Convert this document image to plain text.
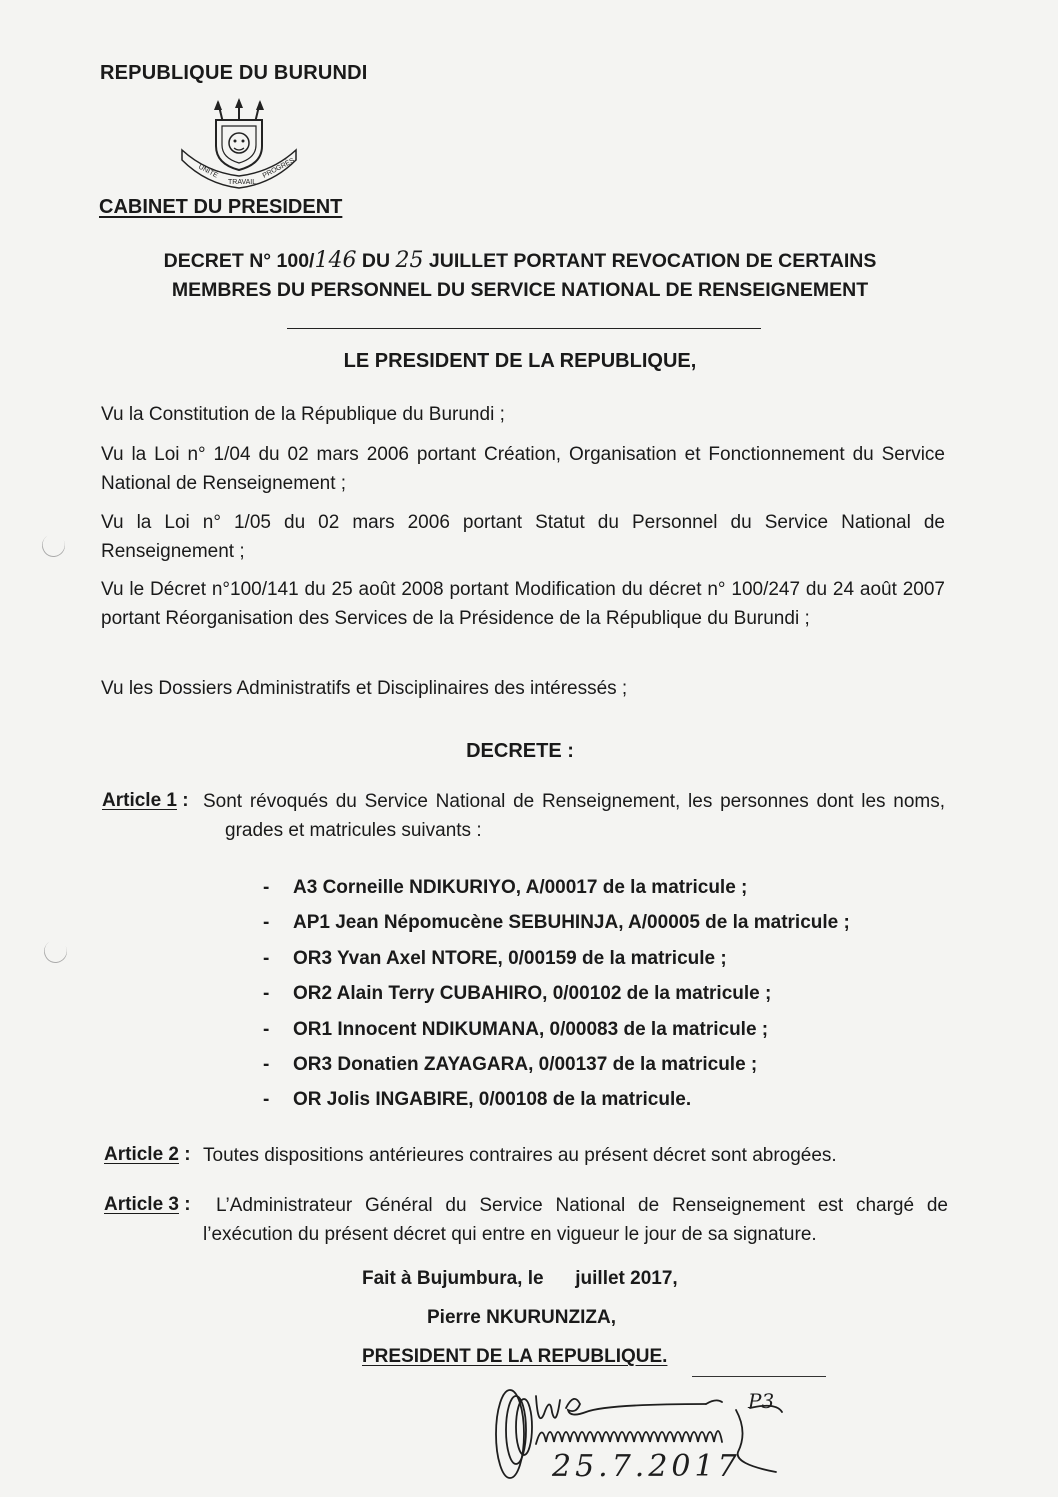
REPUBLIQUE DU BURUNDI
UNITÉ
TRAVAIL
PROGRÈS
CABINET DU PRESIDENT
DECRET N° 100/146 DU 25 JUILLET PORTANT REVOCATION DE CERTAINS
MEMBRES DU PERSONNEL DU SERVICE NATIONAL DE RENSEIGNEMENT
LE PRESIDENT DE LA REPUBLIQUE,
Vu la Constitution de la République du Burundi ;
Vu la Loi n° 1/04 du 02 mars 2006 portant Création, Organisation et Fonctionnement du Service National de Renseignement ;
Vu la Loi n° 1/05 du 02 mars 2006 portant Statut du Personnel du Service National de Renseignement ;
Vu le Décret n°100/141 du 25 août 2008 portant Modification du décret n° 100/247 du 24 août 2007 portant Réorganisation des Services de la Présidence de la République du Burundi ;
Vu les Dossiers Administratifs et Disciplinaires des intéressés ;
DECRETE :
Article 1 : Sont révoqués du Service National de Renseignement, les personnes dont les noms, grades et matricules suivants :
-	A3 Corneille NDIKURIYO, A/00017 de la matricule ;
-	AP1 Jean Népomucène SEBUHINJA, A/00005 de la matricule ;
-	OR3 Yvan Axel NTORE, 0/00159 de la matricule ;
-	OR2 Alain Terry CUBAHIRO, 0/00102 de la matricule ;
-	OR1 Innocent NDIKUMANA, 0/00083 de la matricule ;
-	OR3 Donatien ZAYAGARA, 0/00137 de la matricule ;
-	OR Jolis INGABIRE, 0/00108 de la matricule.
Article 2 : Toutes dispositions antérieures contraires au présent décret sont abrogées.
Article 3 :	L’Administrateur Général du Service National de Renseignement est chargé de l’exécution du présent décret qui entre en vigueur le jour de sa signature.
Fait à Bujumbura, le      juillet 2017,
Pierre NKURUNZIZA,
PRESIDENT DE LA REPUBLIQUE.
P3
25.7.2017
